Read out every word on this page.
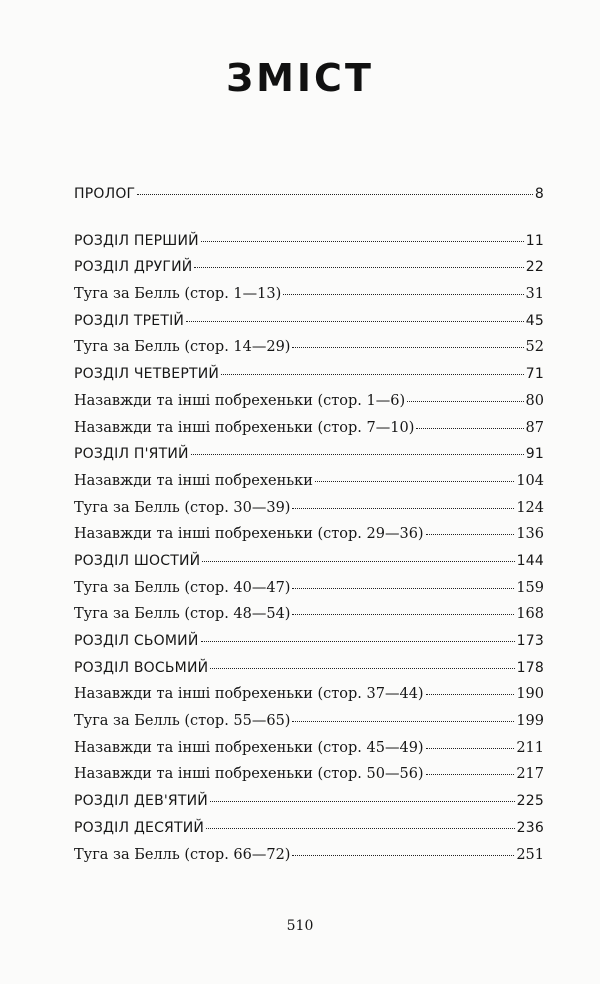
ЗМІСТ
ПРОЛОГ	8
РОЗДІЛ ПЕРШИЙ	11
РОЗДІЛ ДРУГИЙ	22
Туга за Белль (стор. 1—13)	31
РОЗДІЛ ТРЕТІЙ	45
Туга за Белль (стор. 14—29)	52
РОЗДІЛ ЧЕТВЕРТИЙ	71
Назавжди та інші побрехеньки (стор. 1—6)	80
Назавжди та інші побрехеньки (стор. 7—10)	87
РОЗДІЛ П'ЯТИЙ	91
Назавжди та інші побрехеньки	104
Туга за Белль (стор. 30—39)	124
Назавжди та інші побрехеньки (стор. 29—36)	136
РОЗДІЛ ШОСТИЙ	144
Туга за Белль (стор. 40—47)	159
Туга за Белль (стор. 48—54)	168
РОЗДІЛ СЬОМИЙ	173
РОЗДІЛ ВОСЬМИЙ	178
Назавжди та інші побрехеньки (стор. 37—44)	190
Туга за Белль (стор. 55—65)	199
Назавжди та інші побрехеньки (стор. 45—49)	211
Назавжди та інші побрехеньки (стор. 50—56)	217
РОЗДІЛ ДЕВ'ЯТИЙ	225
РОЗДІЛ ДЕСЯТИЙ	236
Туга за Белль (стор. 66—72)	251
510
